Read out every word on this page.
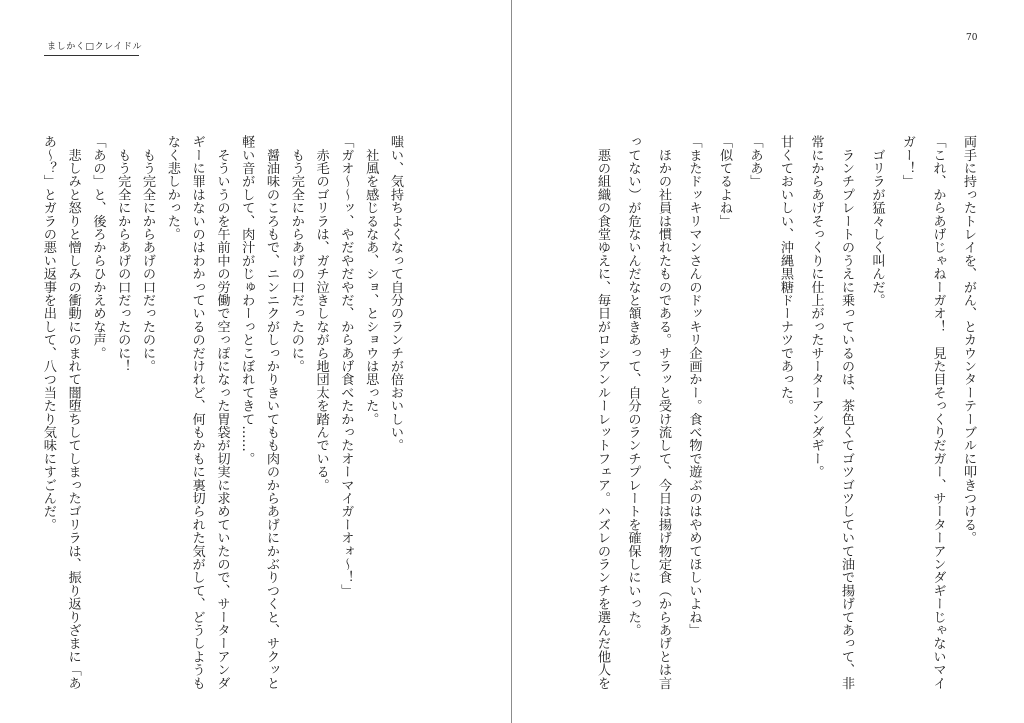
ましかく□クレイドル
嗤い、気持ちよくなって自分のランチが倍おいしい。
　社風を感じるなあ、ショ、とショウは思った。
「ガオ〜〜ッ、やだやだやだ、からあげ食べたかったオーマイガーオォ〜！」
　赤毛のゴリラは、ガチ泣きしながら地団太を踏んでいる。
　もう完全にからあげの口だったのに。
　醤油味のころもで、ニンニクがしっかりきいてもも肉のからあげにかぶりつくと、サクッと
軽い音がして、肉汁がじゅわーっとこぼれてきて……。
　そういうのを午前中の労働で空っぽになった胃袋が切実に求めていたので、サーターアンダ
ギーに罪はないのはわかっているのだけれど、何もかもに裏切られた気がして、どうしようも
なく悲しかった。
　もう完全にからあげの口だったのに。
　もう完全にからあげの口だったのに！
「あの」と、後ろからひかえめな声。
　悲しみと怒りと憎しみの衝動にのまれて闇堕ちしてしまったゴリラは、振り返りざまに「あ
あ〜？」とガラの悪い返事を出して、八つ当たり気味にすごんだ。
70
両手に持ったトレイを、がん、とカウンターテーブルに叩きつける。
「これ、からあげじゃねーガオ！　見た目そっくりだガー、サーターアンダギーじゃないマイ
ガー！」
　ゴリラが猛々しく叫んだ。
　ランチプレートのうえに乗っているのは、茶色くてゴツゴツしていて油で揚げてあって、非
常にからあげそっくりに仕上がったサーターアンダギー。
甘くておいしい、沖縄黒糖ドーナツであった。
「ああ」
「似てるよね」
「またドッキリマンさんのドッキリ企画かー。食べ物で遊ぶのはやめてほしいよね」
　ほかの社員は慣れたものである。サラッと受け流して、今日は揚げ物定食（からあげとは言
ってない）が危ないんだなと頷きあって、自分のランチプレートを確保しにいった。
　悪の組織の食堂ゆえに、毎日がロシアンルーレットフェア。ハズレのランチを選んだ他人を
